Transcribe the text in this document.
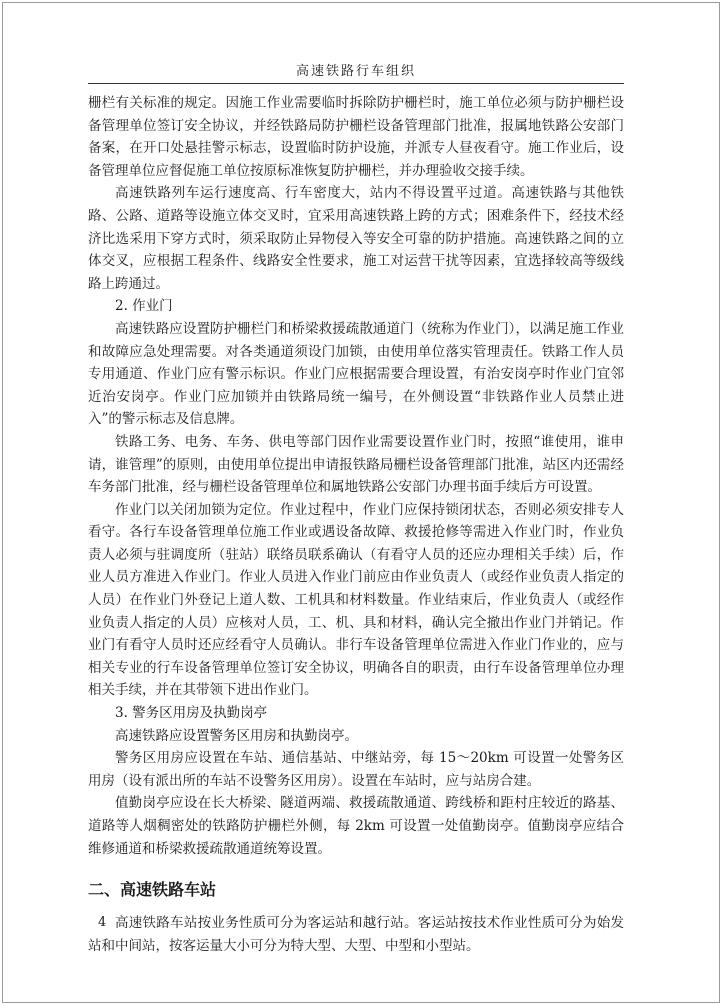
高速铁路行车组织

栅栏有关标准的规定。因施工作业需要临时拆除防护栅栏时，施工单位必须与防护栅栏设备管理单位签订安全协议，并经铁路局防护栅栏设备管理部门批准，报属地铁路公安部门备案，在开口处悬挂警示标志，设置临时防护设施，并派专人昼夜看守。施工作业后，设备管理单位应督促施工单位按原标准恢复防护栅栏，并办理验收交接手续。

高速铁路列车运行速度高、行车密度大，站内不得设置平过道。高速铁路与其他铁路、公路、道路等设施立体交叉时，宜采用高速铁路上跨的方式；困难条件下，经技术经济比选采用下穿方式时，须采取防止异物侵入等安全可靠的防护措施。高速铁路之间的立体交叉，应根据工程条件、线路安全性要求，施工对运营干扰等因素，宜选择较高等级线路上跨通过。

2. 作业门

高速铁路应设置防护栅栏门和桥梁救援疏散通道门（统称为作业门），以满足施工作业和故障应急处理需要。对各类通道须设门加锁，由使用单位落实管理责任。铁路工作人员专用通道、作业门应有警示标识。作业门应根据需要合理设置，有治安岗亭时作业门宜邻近治安岗亭。作业门应加锁并由铁路局统一编号，在外侧设置“非铁路作业人员禁止进入”的警示标志及信息牌。

铁路工务、电务、车务、供电等部门因作业需要设置作业门时，按照“谁使用，谁申请，谁管理”的原则，由使用单位提出申请报铁路局栅栏设备管理部门批准，站区内还需经车务部门批准，经与栅栏设备管理单位和属地铁路公安部门办理书面手续后方可设置。

作业门以关闭加锁为定位。作业过程中，作业门应保持锁闭状态，否则必须安排专人看守。各行车设备管理单位施工作业或遇设备故障、救援抢修等需进入作业门时，作业负责人必须与驻调度所（驻站）联络员联系确认（有看守人员的还应办理相关手续）后，作业人员方准进入作业门。作业人员进入作业门前应由作业负责人（或经作业负责人指定的人员）在作业门外登记上道人数、工机具和材料数量。作业结束后，作业负责人（或经作业负责人指定的人员）应核对人员，工、机、具和材料，确认完全撤出作业门并销记。作业门有看守人员时还应经看守人员确认。非行车设备管理单位需进入作业门作业的，应与相关专业的行车设备管理单位签订安全协议，明确各自的职责，由行车设备管理单位办理相关手续，并在其带领下进出作业门。

3. 警务区用房及执勤岗亭

高速铁路应设置警务区用房和执勤岗亭。

警务区用房应设置在车站、通信基站、中继站旁，每 15～20km 可设置一处警务区用房（设有派出所的车站不设警务区用房）。设置在车站时，应与站房合建。

值勤岗亭应设在长大桥梁、隧道两端、救援疏散通道、跨线桥和距村庄较近的路基、道路等人烟稠密处的铁路防护栅栏外侧，每 2km 可设置一处值勤岗亭。值勤岗亭应结合维修通道和桥梁救援疏散通道统筹设置。

二、高速铁路车站

高速铁路车站按业务性质可分为客运站和越行站。客运站按技术作业性质可分为始发站和中间站，按客运量大小可分为特大型、大型、中型和小型站。

4
